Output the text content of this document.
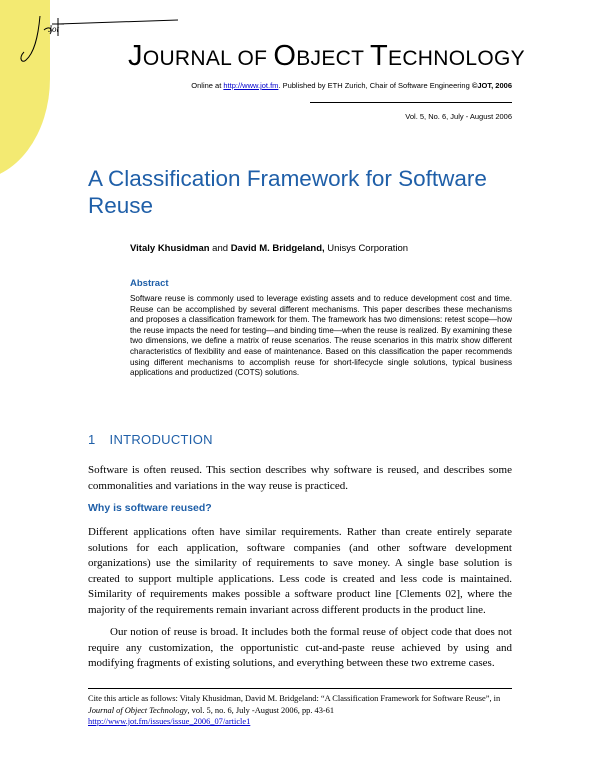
Jot
JOURNAL OF OBJECT TECHNOLOGY
Online at http://www.jot.fm. Published by ETH Zurich, Chair of Software Engineering ©JOT, 2006
Vol. 5, No. 6, July - August 2006
A Classification Framework for Software Reuse
Vitaly Khusidman and David M. Bridgeland, Unisys Corporation
Abstract
Software reuse is commonly used to leverage existing assets and to reduce development cost and time. Reuse can be accomplished by several different mechanisms. This paper describes these mechanisms and proposes a classification framework for them. The framework has two dimensions: retest scope—how the reuse impacts the need for testing—and binding time—when the reuse is realized. By examining these two dimensions, we define a matrix of reuse scenarios. The reuse scenarios in this matrix show different characteristics of flexibility and ease of maintenance. Based on this classification the paper recommends using different mechanisms to accomplish reuse for short-lifecycle single solutions, typical business applications and productized (COTS) solutions.
1 INTRODUCTION
Software is often reused. This section describes why software is reused, and describes some commonalities and variations in the way reuse is practiced.
Why is software reused?
Different applications often have similar requirements. Rather than create entirely separate solutions for each application, software companies (and other software development organizations) use the similarity of requirements to save money. A single base solution is created to support multiple applications. Less code is created and less code is maintained. Similarity of requirements makes possible a software product line [Clements 02], where the majority of the requirements remain invariant across different products in the product line.
Our notion of reuse is broad. It includes both the formal reuse of object code that does not require any customization, the opportunistic cut-and-paste reuse achieved by using and modifying fragments of existing solutions, and everything between these two extreme cases.
Cite this article as follows: Vitaly Khusidman, David M. Bridgeland: “A Classification Framework for Software Reuse”, in Journal of Object Technology, vol. 5, no. 6, July -August 2006, pp. 43-61
http://www.jot.fm/issues/issue_2006_07/article1
